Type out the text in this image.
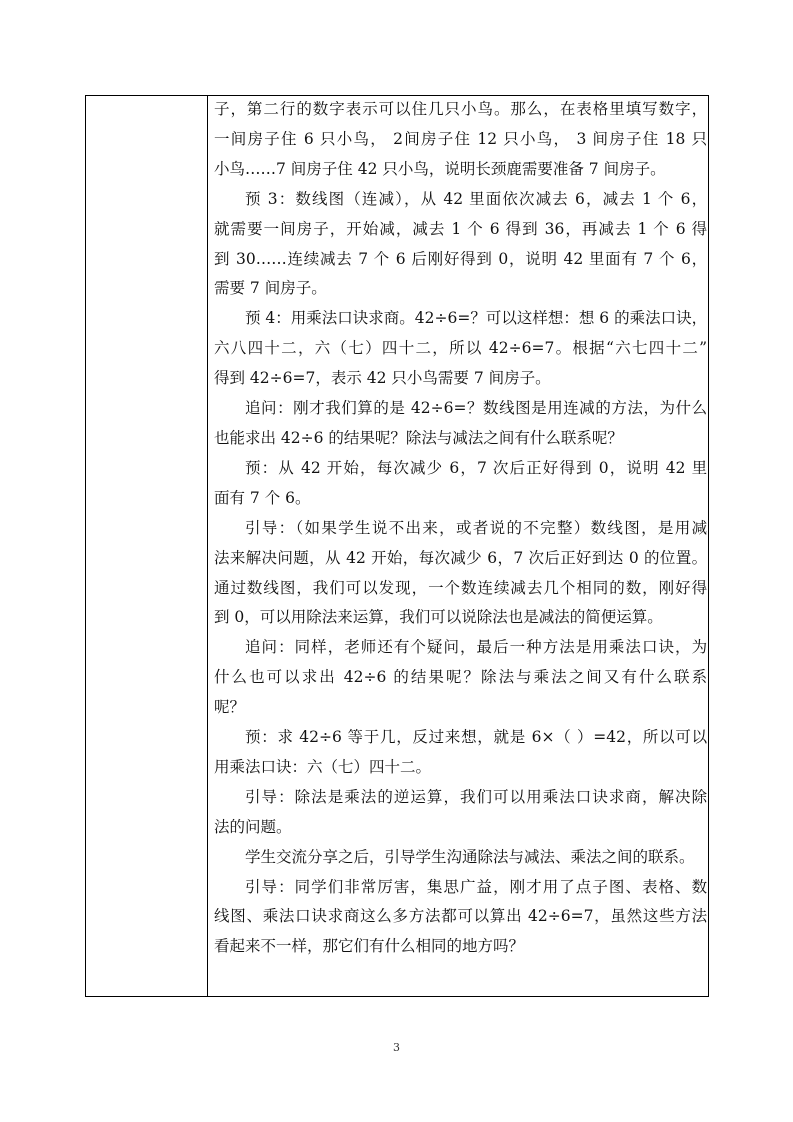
子，第二行的数字表示可以住几只小鸟。那么，在表格里填写数字，
一间房子住 6 只小鸟， 2间房子住 12 只小鸟， 3 间房子住 18 只
小鸟……7 间房子住 42 只小鸟，说明长颈鹿需要准备 7 间房子。
预 3：数线图（连减），从 42 里面依次减去 6，减去 1 个 6，
就需要一间房子，开始减，减去 1 个 6 得到 36，再减去 1 个 6 得
到 30……连续减去 7 个 6 后刚好得到 0，说明 42 里面有 7 个 6，
需要 7 间房子。
预 4：用乘法口诀求商。42÷6=？可以这样想：想 6 的乘法口诀，
六八四十二，六（七）四十二，所以 42÷6=7。根据“六七四十二”
得到 42÷6=7，表示 42 只小鸟需要 7 间房子。
追问：刚才我们算的是 42÷6=？数线图是用连减的方法，为什么
也能求出 42÷6 的结果呢？除法与减法之间有什么联系呢？
预：从 42 开始，每次减少 6，7 次后正好得到 0，说明 42 里
面有 7 个 6。
引导：（如果学生说不出来，或者说的不完整）数线图，是用减
法来解决问题，从 42 开始，每次减少 6，7 次后正好到达 0 的位置。
通过数线图，我们可以发现，一个数连续减去几个相同的数，刚好得
到 0，可以用除法来运算，我们可以说除法也是减法的简便运算。
追问：同样，老师还有个疑问，最后一种方法是用乘法口诀，为
什么也可以求出 42÷6 的结果呢？除法与乘法之间又有什么联系
呢？
预：求 42÷6 等于几，反过来想，就是 6×（ ）=42，所以可以
用乘法口诀：六（七）四十二。
引导：除法是乘法的逆运算，我们可以用乘法口诀求商，解决除
法的问题。
学生交流分享之后，引导学生沟通除法与减法、乘法之间的联系。
引导：同学们非常厉害，集思广益，刚才用了点子图、表格、数
线图、乘法口诀求商这么多方法都可以算出 42÷6=7，虽然这些方法
看起来不一样，那它们有什么相同的地方吗？
3
